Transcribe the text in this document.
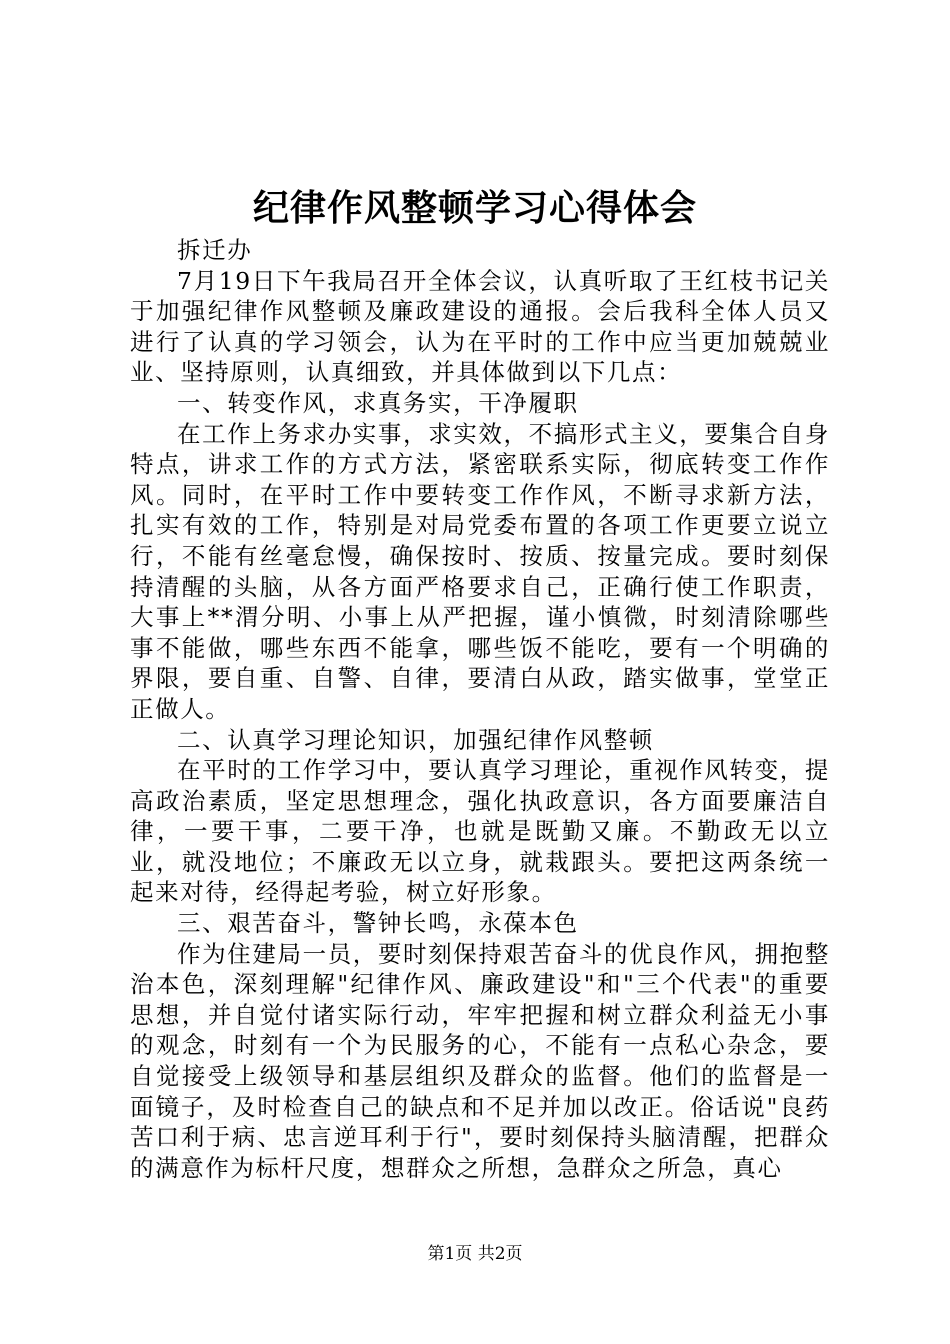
纪律作风整顿学习心得体会

拆迁办

7月19日下午我局召开全体会议，认真听取了王红枝书记关于加强纪律作风整顿及廉政建设的通报。会后我科全体人员又进行了认真的学习领会，认为在平时的工作中应当更加兢兢业业、坚持原则，认真细致，并具体做到以下几点：

一、转变作风，求真务实，干净履职

在工作上务求办实事，求实效，不搞形式主义，要集合自身特点，讲求工作的方式方法，紧密联系实际，彻底转变工作作风。同时，在平时工作中要转变工作作风，不断寻求新方法，扎实有效的工作，特别是对局党委布置的各项工作更要立说立行，不能有丝毫怠慢，确保按时、按质、按量完成。要时刻保持清醒的头脑，从各方面严格要求自己，正确行使工作职责，大事上**渭分明、小事上从严把握，谨小慎微，时刻清除哪些事不能做，哪些东西不能拿，哪些饭不能吃，要有一个明确的界限，要自重、自警、自律，要清白从政，踏实做事，堂堂正正做人。

二、认真学习理论知识，加强纪律作风整顿

在平时的工作学习中，要认真学习理论，重视作风转变，提高政治素质，坚定思想理念，强化执政意识，各方面要廉洁自律，一要干事，二要干净，也就是既勤又廉。不勤政无以立业，就没地位；不廉政无以立身，就栽跟头。要把这两条统一起来对待，经得起考验，树立好形象。

三、艰苦奋斗，警钟长鸣，永葆本色

作为住建局一员，要时刻保持艰苦奋斗的优良作风，拥抱整治本色，深刻理解"纪律作风、廉政建设"和"三个代表"的重要思想，并自觉付诸实际行动，牢牢把握和树立群众利益无小事的观念，时刻有一个为民服务的心，不能有一点私心杂念，要自觉接受上级领导和基层组织及群众的监督。他们的监督是一面镜子，及时检查自己的缺点和不足并加以改正。俗话说"良药苦口利于病、忠言逆耳利于行"，要时刻保持头脑清醒，把群众的满意作为标杆尺度，想群众之所想，急群众之所急，真心

第1页 共2页
